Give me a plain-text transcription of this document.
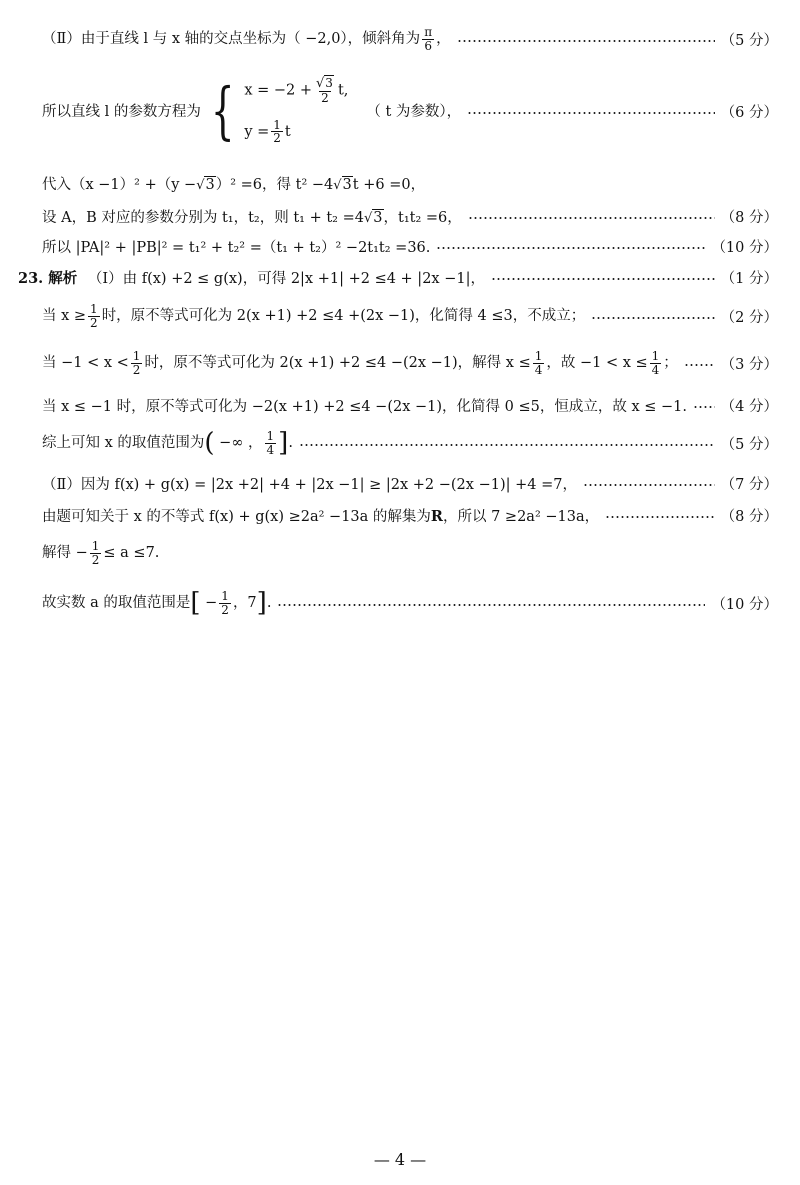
（Ⅱ）由于直线 l 与 x 轴的交点坐标为（ −2,0），倾斜角为 $\frac{\pi}{6}$ ，	（5 分）
所以直线 l 的参数方程为 { $x = -2 + \frac{√3}{2} t$,
$y = \frac{1}{2}$ t
（ t 为参数），	（6 分）
代入（x −1）² +（y −√3）² =6，得 t² −4√3t +6 =0，
设 A，B 对应的参数分别为 t₁，t₂，则 t₁ + t₂ =4√3，t₁t₂ =6，	（8 分）
所以 |PA|² + |PB|² = t₁² + t₂² =（t₁ + t₂）² −2t₁t₂ =36.	（10 分）
23. 解析 （Ⅰ）由 f(x) +2 ≤ g(x)，可得 2|x +1| +2 ≤4 + |2x −1|，	（1 分）
当 $x \ge \frac{1}{2}$ 时，原不等式可化为 2(x +1) +2 ≤4 +(2x −1)，化简得 4 ≤3，不成立；	（2 分）
当 $-1 < x < \frac{1}{2}$ 时，原不等式可化为 2(x +1) +2 ≤4 −(2x −1)，解得 $x \le \frac{1}{4}$ ，故 $-1 < x \le \frac{1}{4}$ ；	（3 分）
当 x ≤ −1 时，原不等式可化为 −2(x +1) +2 ≤4 −(2x −1)，化简得 0 ≤5，恒成立，故 x ≤ −1. （4 分）
综上可知 x 的取值范围为( −∞ ， $\frac{1}{4}$ ].	（5 分）
（Ⅱ）因为 f(x) + g(x) = |2x +2| +4 + |2x −1| ≥ |2x +2 −(2x −1)| +4 =7，	（7 分）
由题可知关于 x 的不等式 f(x) + g(x) ≥2a² −13a 的解集为R，所以 7 ≥2a² −13a，	（8 分）
解得 − $\frac{1}{2} \le a \le 7$.
故实数 a 的取值范围是[ − $\frac{1}{2}$ ，7].	（10 分）
— 4 —
